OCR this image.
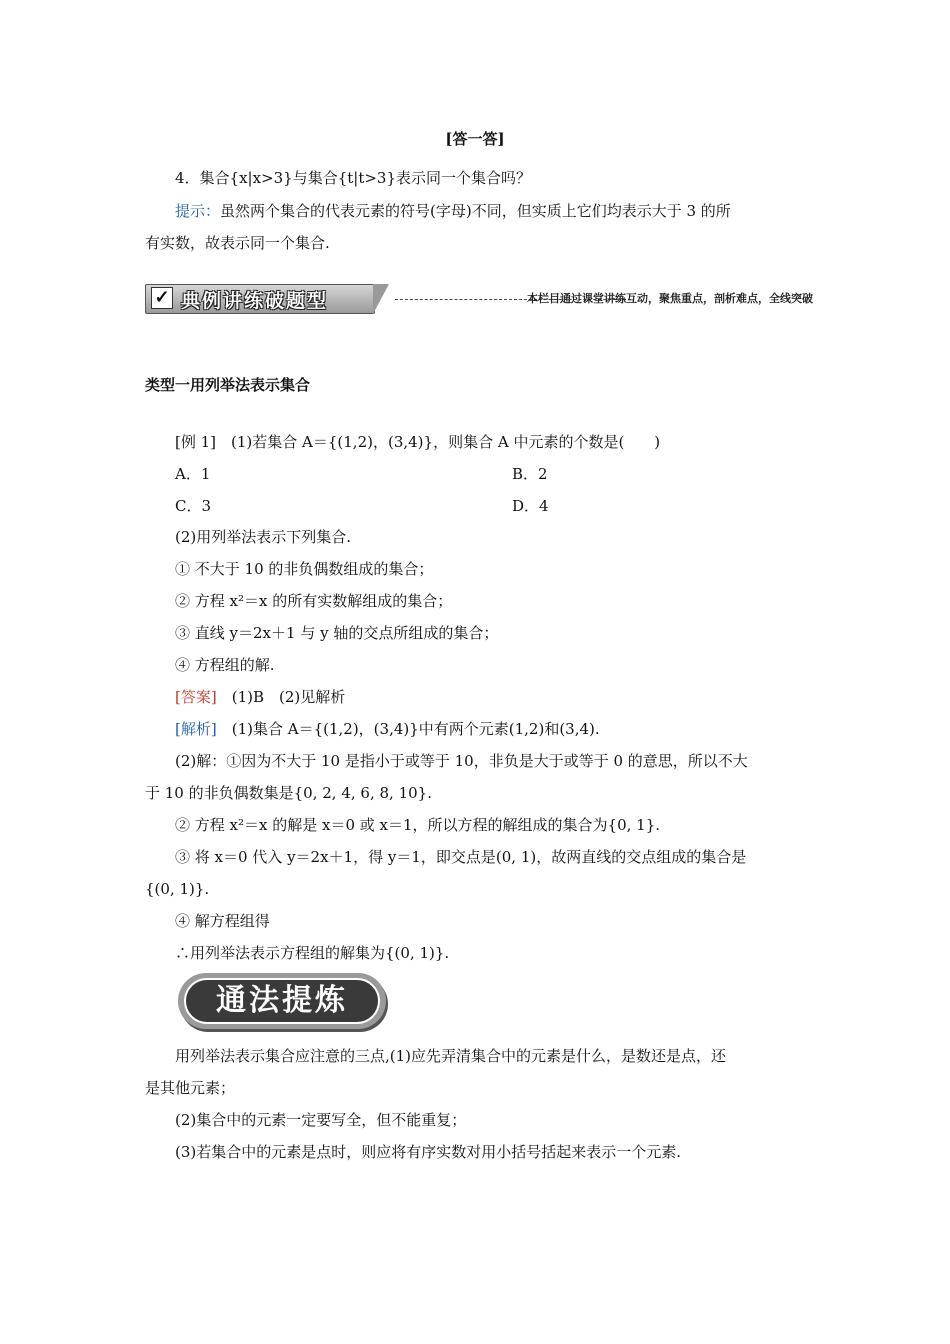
[答一答]
4．集合{x|x>3}与集合{t|t>3}表示同一个集合吗？
提示：虽然两个集合的代表元素的符号(字母)不同，但实质上它们均表示大于 3 的所
有实数，故表示同一个集合.
✓ 典例讲练破题型	本栏目通过课堂讲练互动，聚焦重点，剖析难点，全线突破
类型一用列举法表示集合
[例 1]　(1)若集合 A＝{(1,2)，(3,4)}，则集合 A 中元素的个数是(　　)
A．1	B．2
C．3	D．4
(2)用列举法表示下列集合.
① 不大于 10 的非负偶数组成的集合；
② 方程 x²＝x 的所有实数解组成的集合；
③ 直线 y＝2x＋1 与 y 轴的交点所组成的集合；
④ 方程组的解.
[答案]　(1)B　(2)见解析
[解析]　(1)集合 A＝{(1,2)，(3,4)}中有两个元素(1,2)和(3,4).
(2)解：①因为不大于 10 是指小于或等于 10，非负是大于或等于 0 的意思，所以不大
于 10 的非负偶数集是{0, 2, 4, 6, 8, 10}.
② 方程 x²＝x 的解是 x＝0 或 x＝1，所以方程的解组成的集合为{0, 1}.
③ 将 x＝0 代入 y＝2x＋1，得 y＝1，即交点是(0, 1)，故两直线的交点组成的集合是
{(0, 1)}.
④ 解方程组得
∴用列举法表示方程组的解集为{(0, 1)}.
通法提炼
用列举法表示集合应注意的三点,(1)应先弄清集合中的元素是什么，是数还是点，还
是其他元素；
(2)集合中的元素一定要写全，但不能重复；
(3)若集合中的元素是点时，则应将有序实数对用小括号括起来表示一个元素.
